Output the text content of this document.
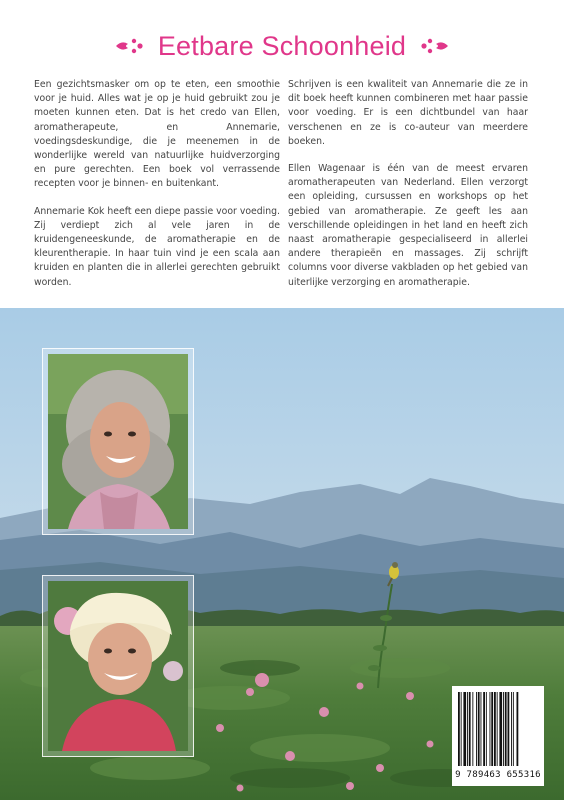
Eetbare Schoonheid

Een gezichtsmasker om op te eten, een smoothie voor je huid. Alles wat je op je huid gebruikt zou je moeten kunnen eten. Dat is het credo van Ellen, aromatherapeute, en Annemarie, voedingsdeskundige, die je meenemen in de wonderlijke wereld van natuurlijke huidverzorging en pure gerechten. Een boek vol verrassende recepten voor je binnen- en buitenkant.

Annemarie Kok heeft een diepe passie voor voeding. Zij verdiept zich al vele jaren in de kruidengeneeskunde, de aromatherapie en de kleurentherapie. In haar tuin vind je een scala aan kruiden en planten die in allerlei gerechten gebruikt worden.

Schrijven is een kwaliteit van Annemarie die ze in dit boek heeft kunnen combineren met haar passie voor voeding. Er is een dichtbundel van haar verschenen en ze is co-auteur van meerdere boeken.

Ellen Wagenaar is één van de meest ervaren aromatherapeuten van Nederland. Ellen verzorgt een opleiding, cursussen en workshops op het gebied van aromatherapie. Ze geeft les aan verschillende opleidingen in het land en heeft zich naast aromatherapie gespecialiseerd in allerlei andere therapieën en massages. Zij schrijft columns voor diverse vakbladen op het gebied van uiterlijke verzorging en aromatherapie.

9 789463 655316
